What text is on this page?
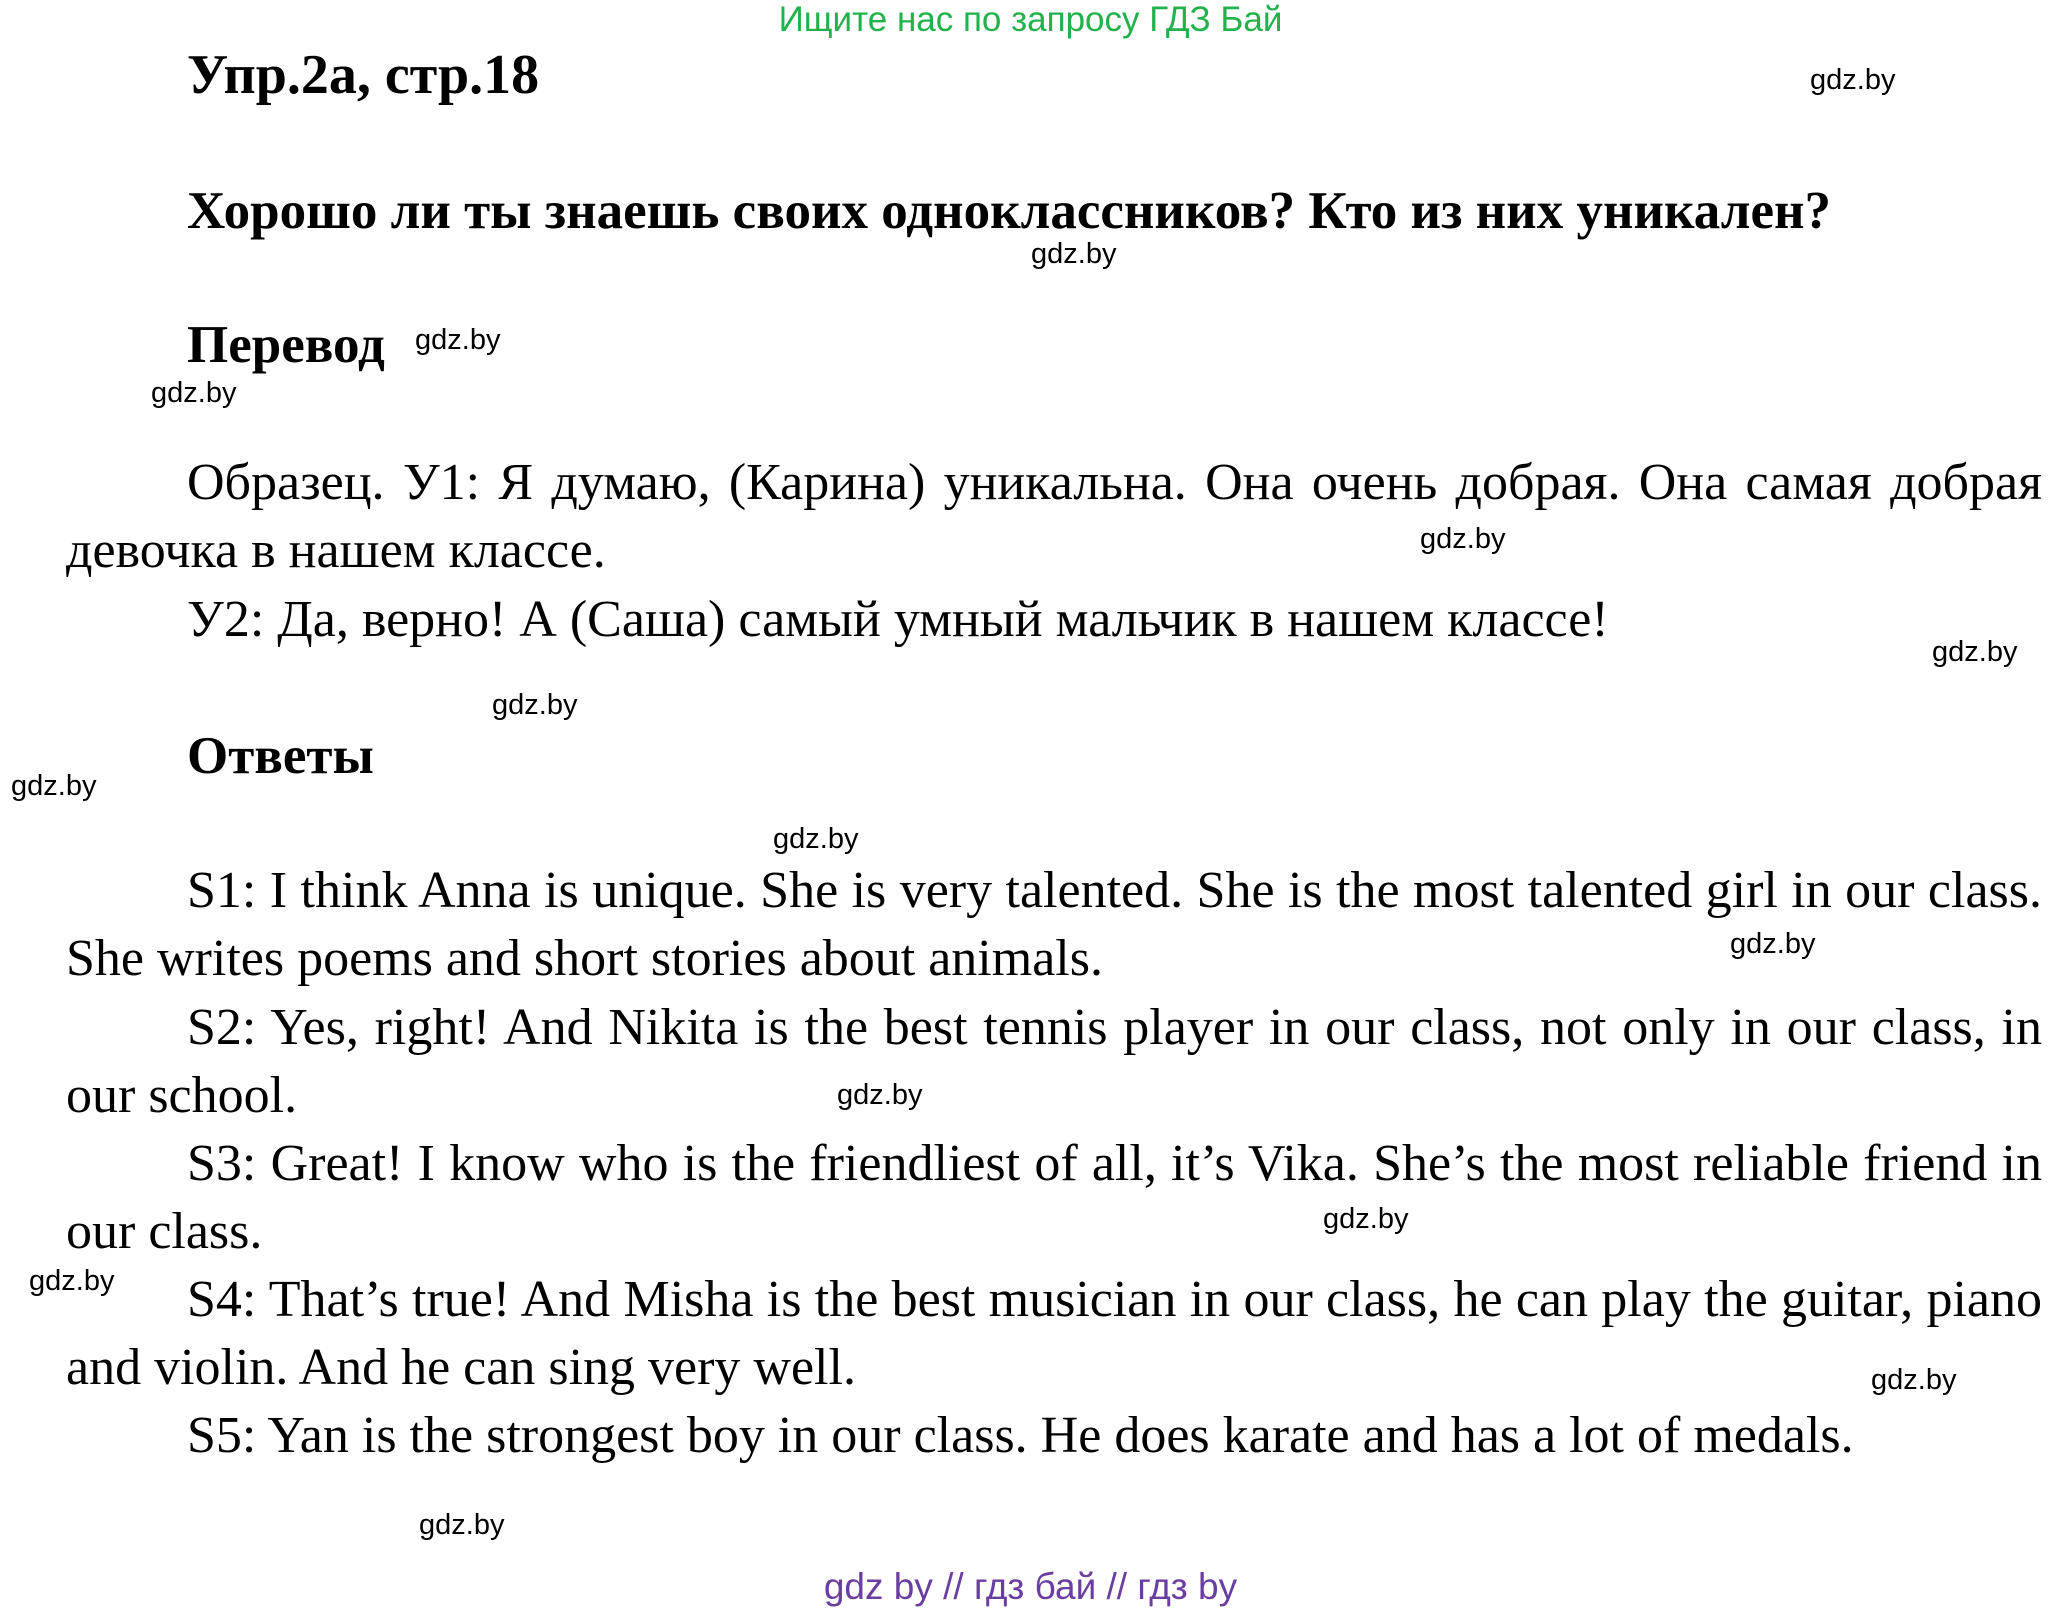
Ищите нас по запросу ГДЗ Бай
Упр.2а, стр.18	gdz.by
Хорошо ли ты знаешь своих одноклассников? Кто из них уникален?
gdz.by
Перевод gdz.by
gdz.by

Образец. У1: Я думаю, (Карина) уникальна. Она очень добрая. Она самая добрая девочка в нашем классе.	gdz.by

У2: Да, верно! А (Саша) самый умный мальчик в нашем классе!

gdz.by
gdz.by
Ответы
gdz.by
gdz.by

S1: I think Anna is unique. She is very talented. She is the most talented girl in our class. She writes poems and short stories about animals.	gdz.by

S2: Yes, right! And Nikita is the best tennis player in our class, not only in our class, in our school.	gdz.by

S3: Great! I know who is the friendliest of all, it’s Vika. She’s the most reliable friend in our class.	gdz.by
gdz.by	S4: That’s true! And Misha is the best musician in our class, he can play the guitar, piano and violin. And he can sing very well.	gdz.by

S5: Yan is the strongest boy in our class. He does karate and has a lot of medals.

gdz.by
gdz by // гдз бай // гдз by
